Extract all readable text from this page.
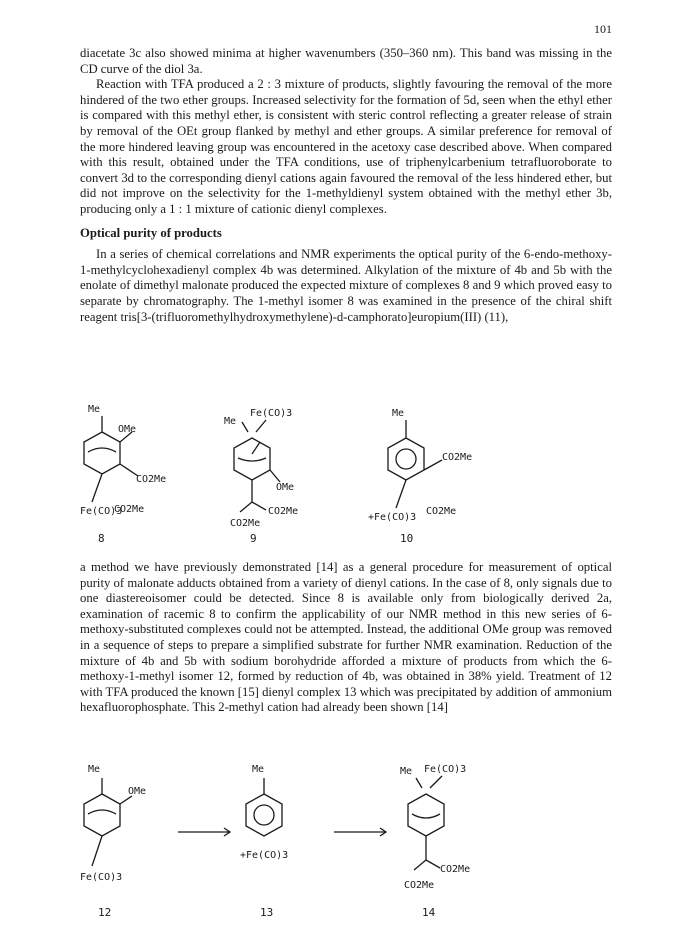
101

diacetate 3c also showed minima at higher wavenumbers (350–360 nm). This band was missing in the CD curve of the diol 3a.

Reaction with TFA produced a 2 : 3 mixture of products, slightly favouring the removal of the more hindered of the two ether groups. Increased selectivity for the formation of 5d, seen when the ethyl ether is compared with this methyl ether, is consistent with steric control reflecting a greater release of strain by removal of the OEt group flanked by methyl and ether groups. A similar preference for removal of the more hindered leaving group was encountered in the acetoxy case described above. When compared with this result, obtained under the TFA conditions, use of triphenylcarbenium tetrafluoroborate to convert 3d to the corresponding dienyl cations again favoured the removal of the less hindered ether, but did not improve on the selectivity for the 1-methyldienyl system obtained with the methyl ether 3b, producing only a 1 : 1 mixture of cationic dienyl complexes.

Optical purity of products

In a series of chemical correlations and NMR experiments the optical purity of the 6-endo-methoxy-1-methylcyclohexadienyl complex 4b was determined. Alkylation of the mixture of 4b and 5b with the enolate of dimethyl malonate produced the expected mixture of complexes 8 and 9 which proved easy to separate by chromatography. The 1-methyl isomer 8 was examined in the presence of the chiral shift reagent tris[3-(trifluoromethylhydroxymethylene)-d-camphorato]europium(III) (11),

Me
OMe
CO2Me
CO2Me
Fe(CO)3
8
Me
Fe(CO)3
OMe
CO2Me
CO2Me
9
Me
CO2Me
CO2Me
+Fe(CO)3
10

a method we have previously demonstrated [14] as a general procedure for measurement of optical purity of malonate adducts obtained from a variety of dienyl cations. In the case of 8, only signals due to one diastereoisomer could be detected. Since 8 is available only from biologically derived 2a, examination of racemic 8 to confirm the applicability of our NMR method in this new series of 6-methoxy-substituted complexes could not be attempted. Instead, the additional OMe group was removed in a sequence of steps to prepare a simplified substrate for further NMR examination. Reduction of the mixture of 4b and 5b with sodium borohydride afforded a mixture of products from which the 6-methoxy-1-methyl isomer 12, formed by reduction of 4b, was obtained in 38% yield. Treatment of 12 with TFA produced the known [15] dienyl complex 13 which was precipitated by addition of ammonium hexafluorophosphate. This 2-methyl cation had already been shown [14]

Me
OMe
Fe(CO)3
12
Me
+Fe(CO)3
13
Me Fe(CO)3
CO2Me
CO2Me
14
